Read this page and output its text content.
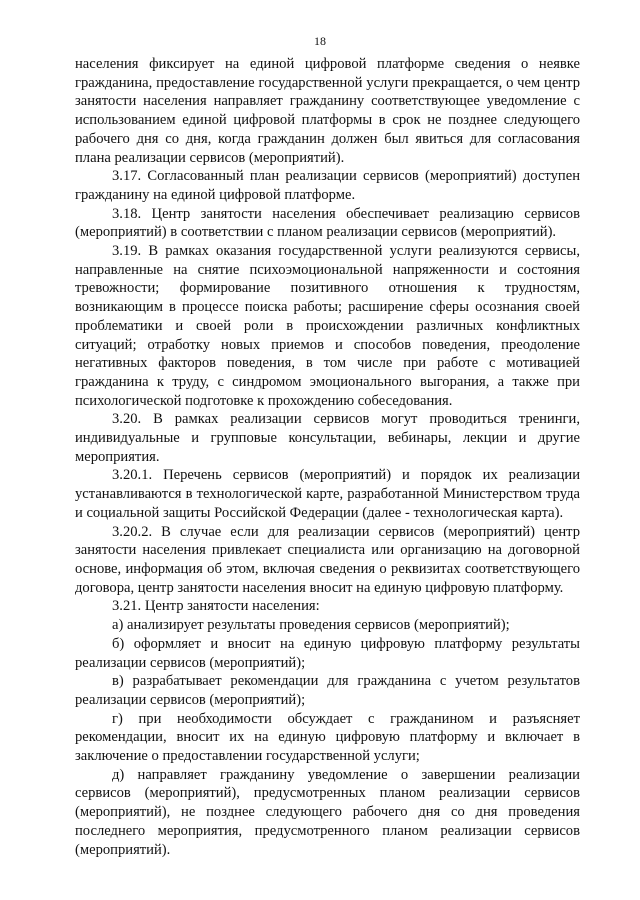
18

населения фиксирует на единой цифровой платформе сведения о неявке гражданина, предоставление государственной услуги прекращается, о чем центр занятости населения направляет гражданину соответствующее уведомление с использованием единой цифровой платформы в срок не позднее следующего рабочего дня со дня, когда гражданин должен был явиться для согласования плана реализации сервисов (мероприятий).

3.17. Согласованный план реализации сервисов (мероприятий) доступен гражданину на единой цифровой платформе.

3.18. Центр занятости населения обеспечивает реализацию сервисов (мероприятий) в соответствии с планом реализации сервисов (мероприятий).

3.19. В рамках оказания государственной услуги реализуются сервисы, направленные на снятие психоэмоциональной напряженности и состояния тревожности; формирование позитивного отношения к трудностям, возникающим в процессе поиска работы; расширение сферы осознания своей проблематики и своей роли в происхождении различных конфликтных ситуаций; отработку новых приемов и способов поведения, преодоление негативных факторов поведения, в том числе при работе с мотивацией гражданина к труду, с синдромом эмоционального выгорания, а также при психологической подготовке к прохождению собеседования.

3.20. В рамках реализации сервисов могут проводиться тренинги, индивидуальные и групповые консультации, вебинары, лекции и другие мероприятия.

3.20.1. Перечень сервисов (мероприятий) и порядок их реализации устанавливаются в технологической карте, разработанной Министерством труда и социальной защиты Российской Федерации (далее - технологическая карта).

3.20.2. В случае если для реализации сервисов (мероприятий) центр занятости населения привлекает специалиста или организацию на договорной основе, информация об этом, включая сведения о реквизитах соответствующего договора, центр занятости населения вносит на единую цифровую платформу.

3.21. Центр занятости населения:

а) анализирует результаты проведения сервисов (мероприятий);

б) оформляет и вносит на единую цифровую платформу результаты реализации сервисов (мероприятий);

в) разрабатывает рекомендации для гражданина с учетом результатов реализации сервисов (мероприятий);

г) при необходимости обсуждает с гражданином и разъясняет рекомендации, вносит их на единую цифровую платформу и включает в заключение о предоставлении государственной услуги;

д) направляет гражданину уведомление о завершении реализации сервисов (мероприятий), предусмотренных планом реализации сервисов (мероприятий), не позднее следующего рабочего дня со дня проведения последнего мероприятия, предусмотренного планом реализации сервисов (мероприятий).
